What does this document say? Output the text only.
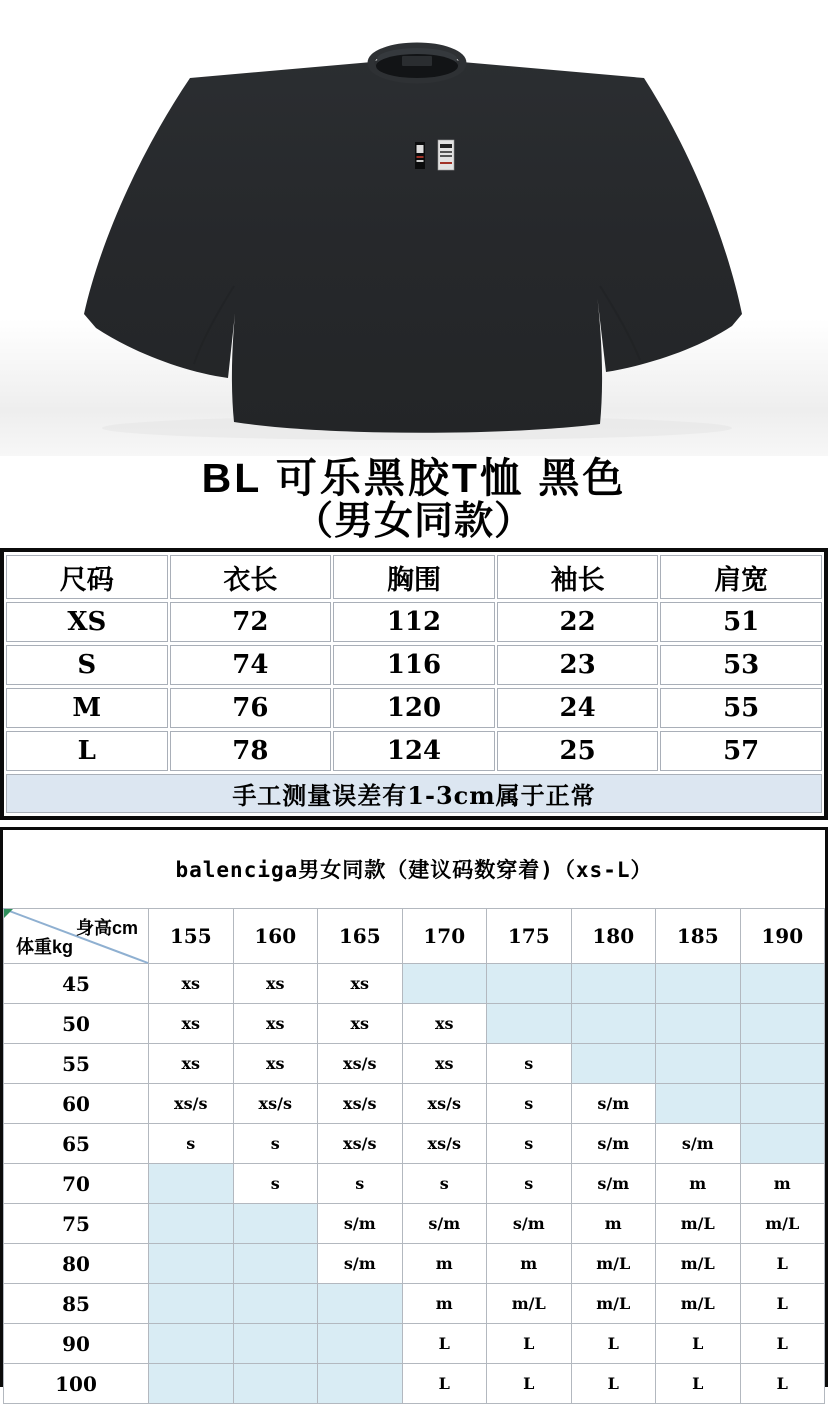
BL 可乐黑胶T恤 黑色
（男女同款）
尺码	衣长	胸围	袖长	肩宽
XS	72	112	22	51
S	74	116	23	53
M	76	120	24	55
L	78	124	25	57
手工测量误差有1-3cm属于正常				
balenciga男女同款（建议码数穿着)（xs-L）
身高cm
体重kg	155	160	165	170	175	180	185	190
45	xs	xs	xs					
50	xs	xs	xs	xs				
55	xs	xs	xs/s	xs	s			
60	xs/s	xs/s	xs/s	xs/s	s	s/m		
65	s	s	xs/s	xs/s	s	s/m	s/m	
70		s	s	s	s	s/m	m	m
75			s/m	s/m	s/m	m	m/L	m/L
80			s/m	m	m	m/L	m/L	L
85				m	m/L	m/L	m/L	L
90				L	L	L	L	L
100				L	L	L	L	L
